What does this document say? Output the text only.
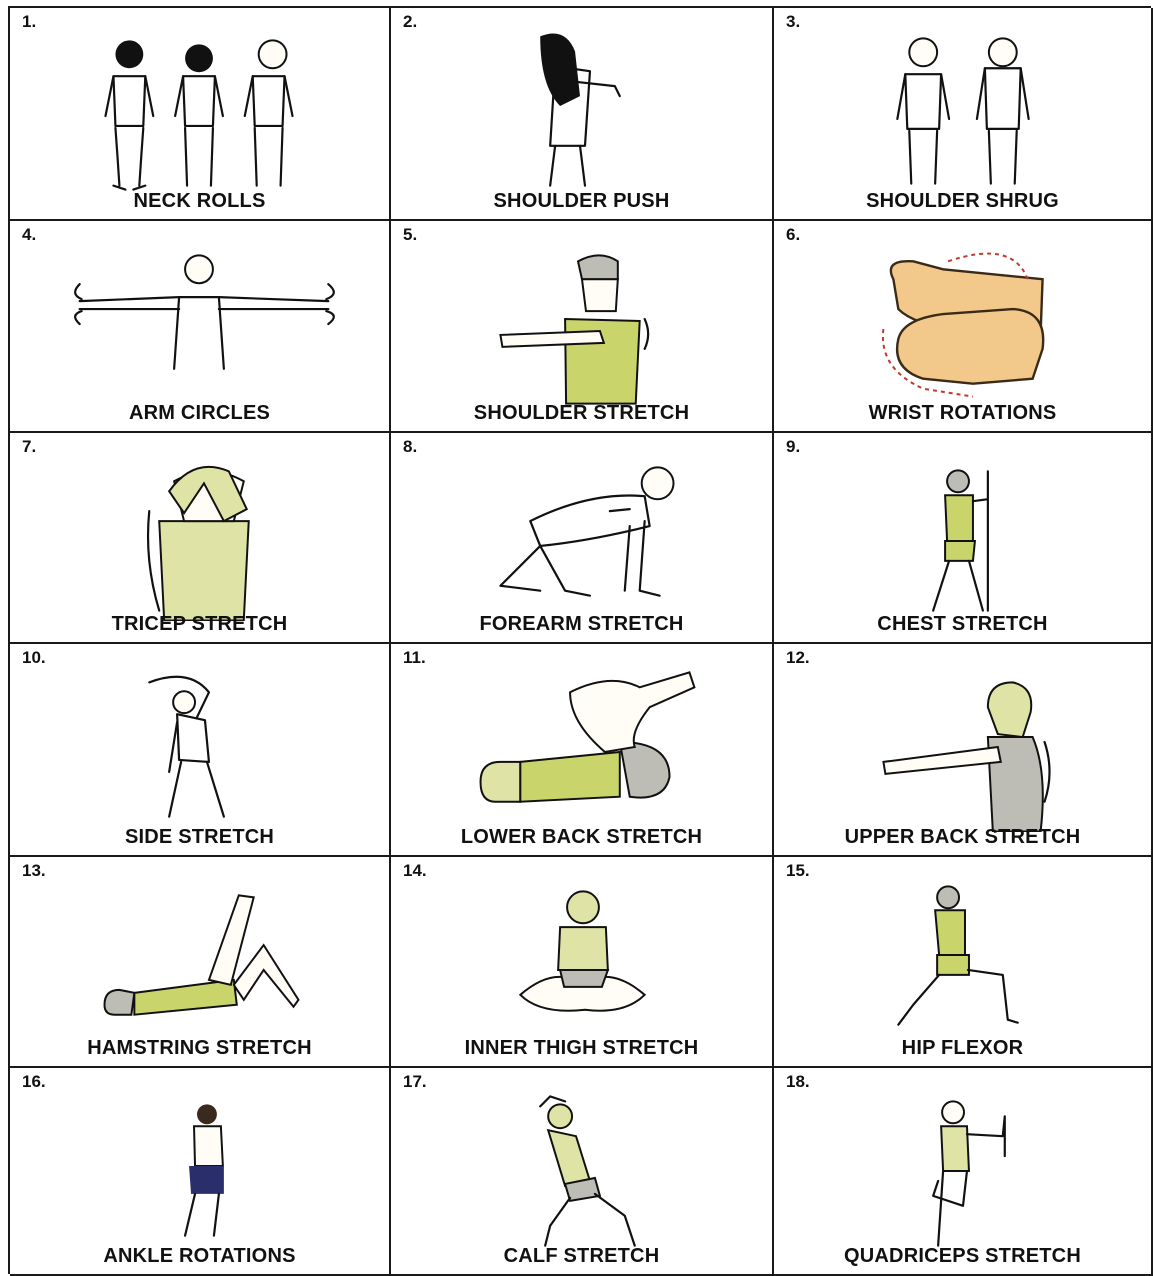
1.
NECK ROLLS
2.
SHOULDER PUSH
3.
SHOULDER SHRUG
4.
ARM CIRCLES
5.
SHOULDER STRETCH
6.
WRIST ROTATIONS
7.
TRICEP STRETCH
8.
FOREARM STRETCH
9.
CHEST STRETCH
10.
SIDE STRETCH
11.
LOWER BACK STRETCH
12.
UPPER BACK STRETCH
13.
HAMSTRING STRETCH
14.
INNER THIGH STRETCH
15.
HIP FLEXOR
16.
ANKLE ROTATIONS
17.
CALF STRETCH
18.
QUADRICEPS STRETCH
